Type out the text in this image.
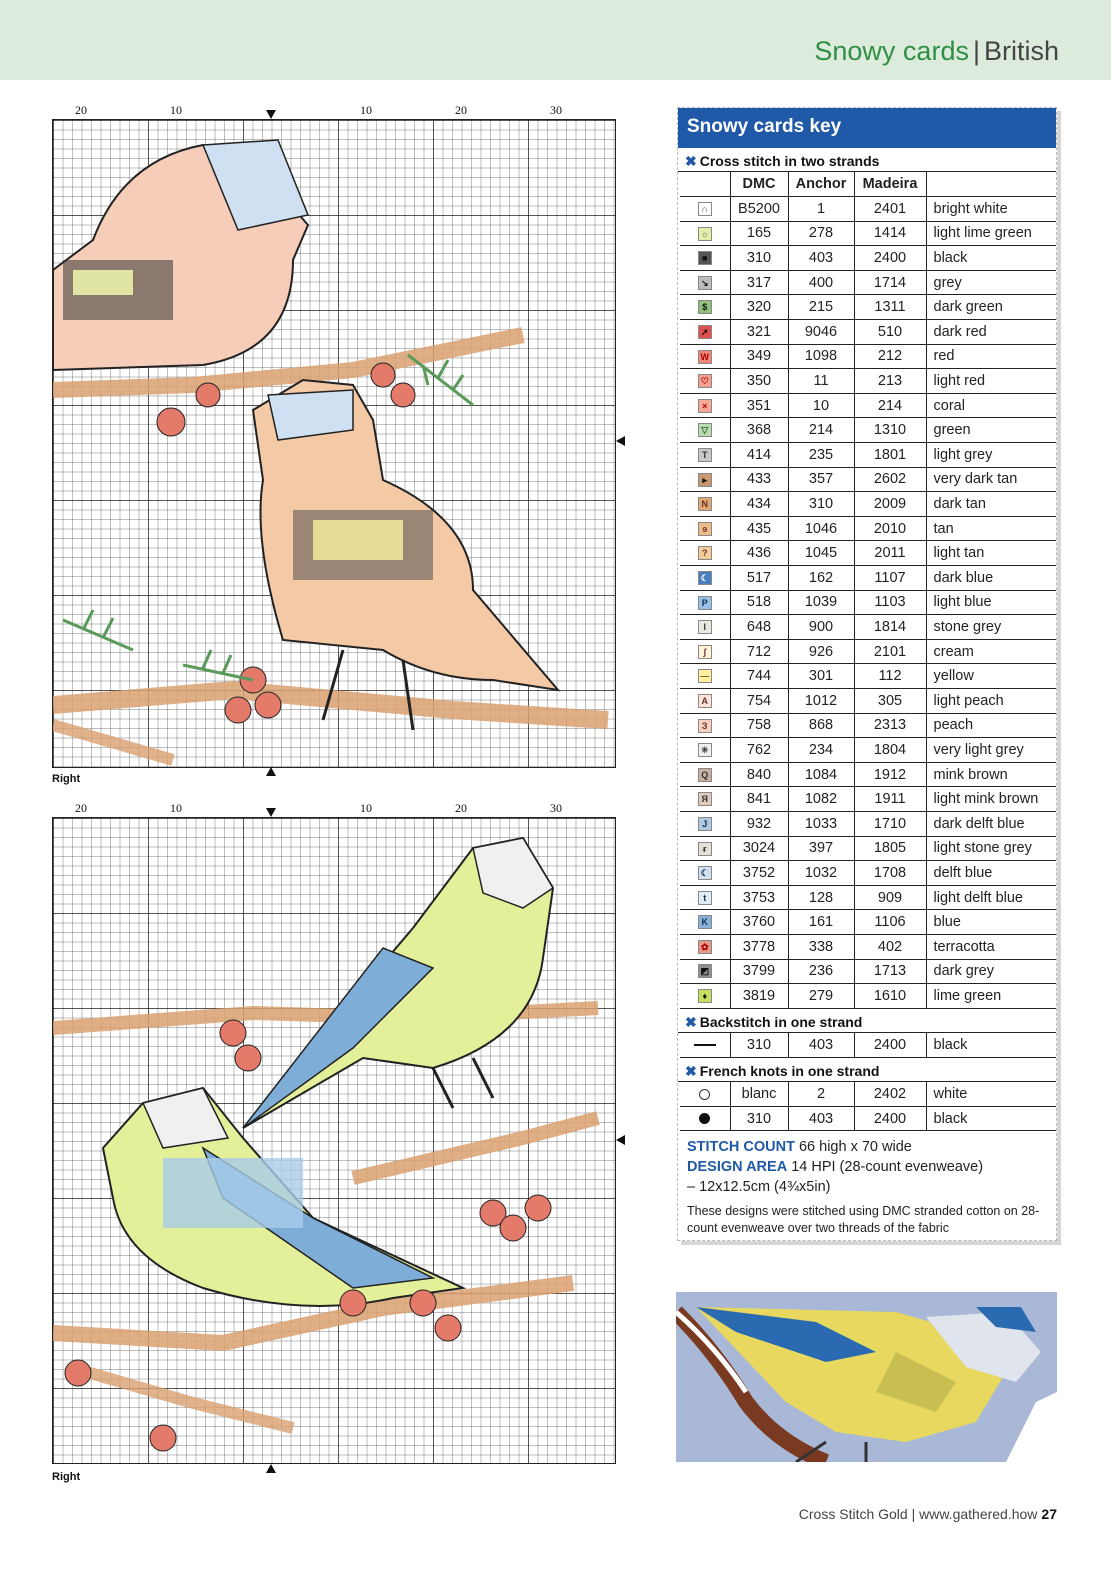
Snowy cards | British
20	10	10	20	30
Right
20	10	10	20	30
Right
Snowy cards key
✖ Cross stitch in two strands
	DMC	Anchor	Madeira	
∩	B5200	1	2401	bright white
☼	165	278	1414	light lime green
■	310	403	2400	black
↘	317	400	1714	grey
$	320	215	1311	dark green
➚	321	9046	510	dark red
W	349	1098	212	red
♡	350	11	213	light red
×	351	10	214	coral
▽	368	214	1310	green
T	414	235	1801	light grey
▸	433	357	2602	very dark tan
N	434	310	2009	dark tan
ɘ	435	1046	2010	tan
?	436	1045	2011	light tan
☾	517	162	1107	dark blue
P	518	1039	1103	light blue
I	648	900	1814	stone grey
ʃ	712	926	2101	cream
—	744	301	112	yellow
A	754	1012	305	light peach
З	758	868	2313	peach
✳	762	234	1804	very light grey
Q	840	1084	1912	mink brown
Я	841	1082	1911	light mink brown
J	932	1033	1710	dark delft blue
ᵲ	3024	397	1805	light stone grey
☾	3752	1032	1708	delft blue
t	3753	128	909	light delft blue
K	3760	161	1106	blue
✿	3778	338	402	terracotta
◩	3799	236	1713	dark grey
♦	3819	279	1610	lime green
✖ Backstitch in one strand
	310	403	2400	black
✖ French knots in one strand
	blanc	2	2402	white
	310	403	2400	black
STITCH COUNT 66 high x 70 wide
DESIGN AREA 14 HPI (28-count evenweave)
– 12x12.5cm (4¾x5in)
These designs were stitched using DMC stranded cotton on 28-count evenweave over two threads of the fabric
Cross Stitch Gold | www.gathered.how 27
